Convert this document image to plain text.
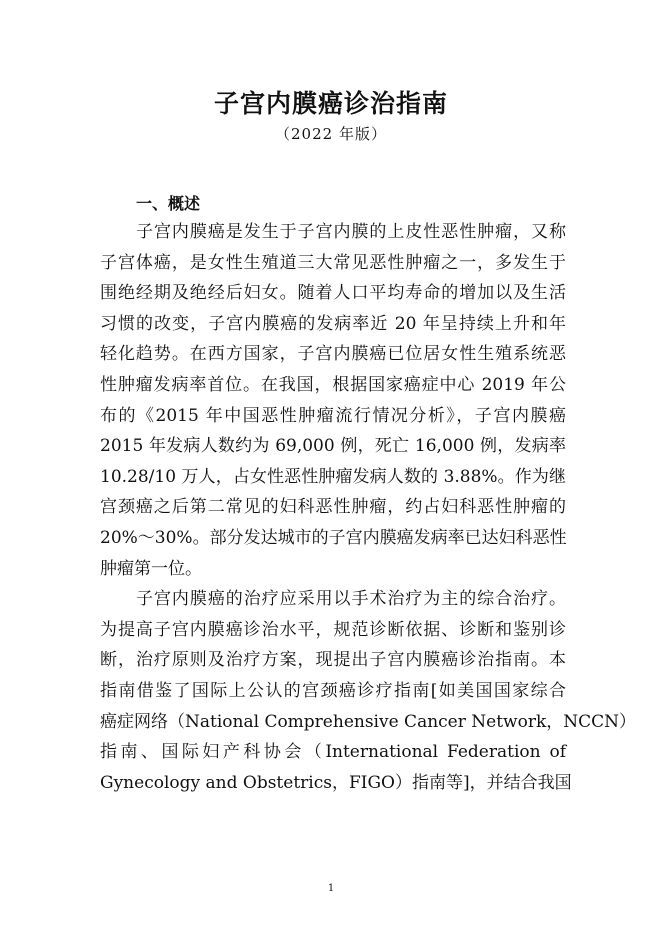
子宫内膜癌诊治指南
（2022 年版）
一、概述
子宫内膜癌是发生于子宫内膜的上皮性恶性肿瘤，又称
子宫体癌，是女性生殖道三大常见恶性肿瘤之一，多发生于
围绝经期及绝经后妇女。随着人口平均寿命的增加以及生活
习惯的改变，子宫内膜癌的发病率近 20 年呈持续上升和年
轻化趋势。在西方国家，子宫内膜癌已位居女性生殖系统恶
性肿瘤发病率首位。在我国，根据国家癌症中心 2019 年公
布的《2015 年中国恶性肿瘤流行情况分析》，子宫内膜癌
2015 年发病人数约为 69,000 例，死亡 16,000 例，发病率
10.28/10 万人，占女性恶性肿瘤发病人数的 3.88%。作为继
宫颈癌之后第二常见的妇科恶性肿瘤，约占妇科恶性肿瘤的
20%～30%。部分发达城市的子宫内膜癌发病率已达妇科恶性
肿瘤第一位。
子宫内膜癌的治疗应采用以手术治疗为主的综合治疗。
为提高子宫内膜癌诊治水平，规范诊断依据、诊断和鉴别诊
断，治疗原则及治疗方案，现提出子宫内膜癌诊治指南。本
指南借鉴了国际上公认的宫颈癌诊疗指南[如美国国家综合
癌症网络（National Comprehensive Cancer Network，NCCN）
指南、国际妇产科协会（International Federation of
Gynecology and Obstetrics，FIGO）指南等]，并结合我国
1
